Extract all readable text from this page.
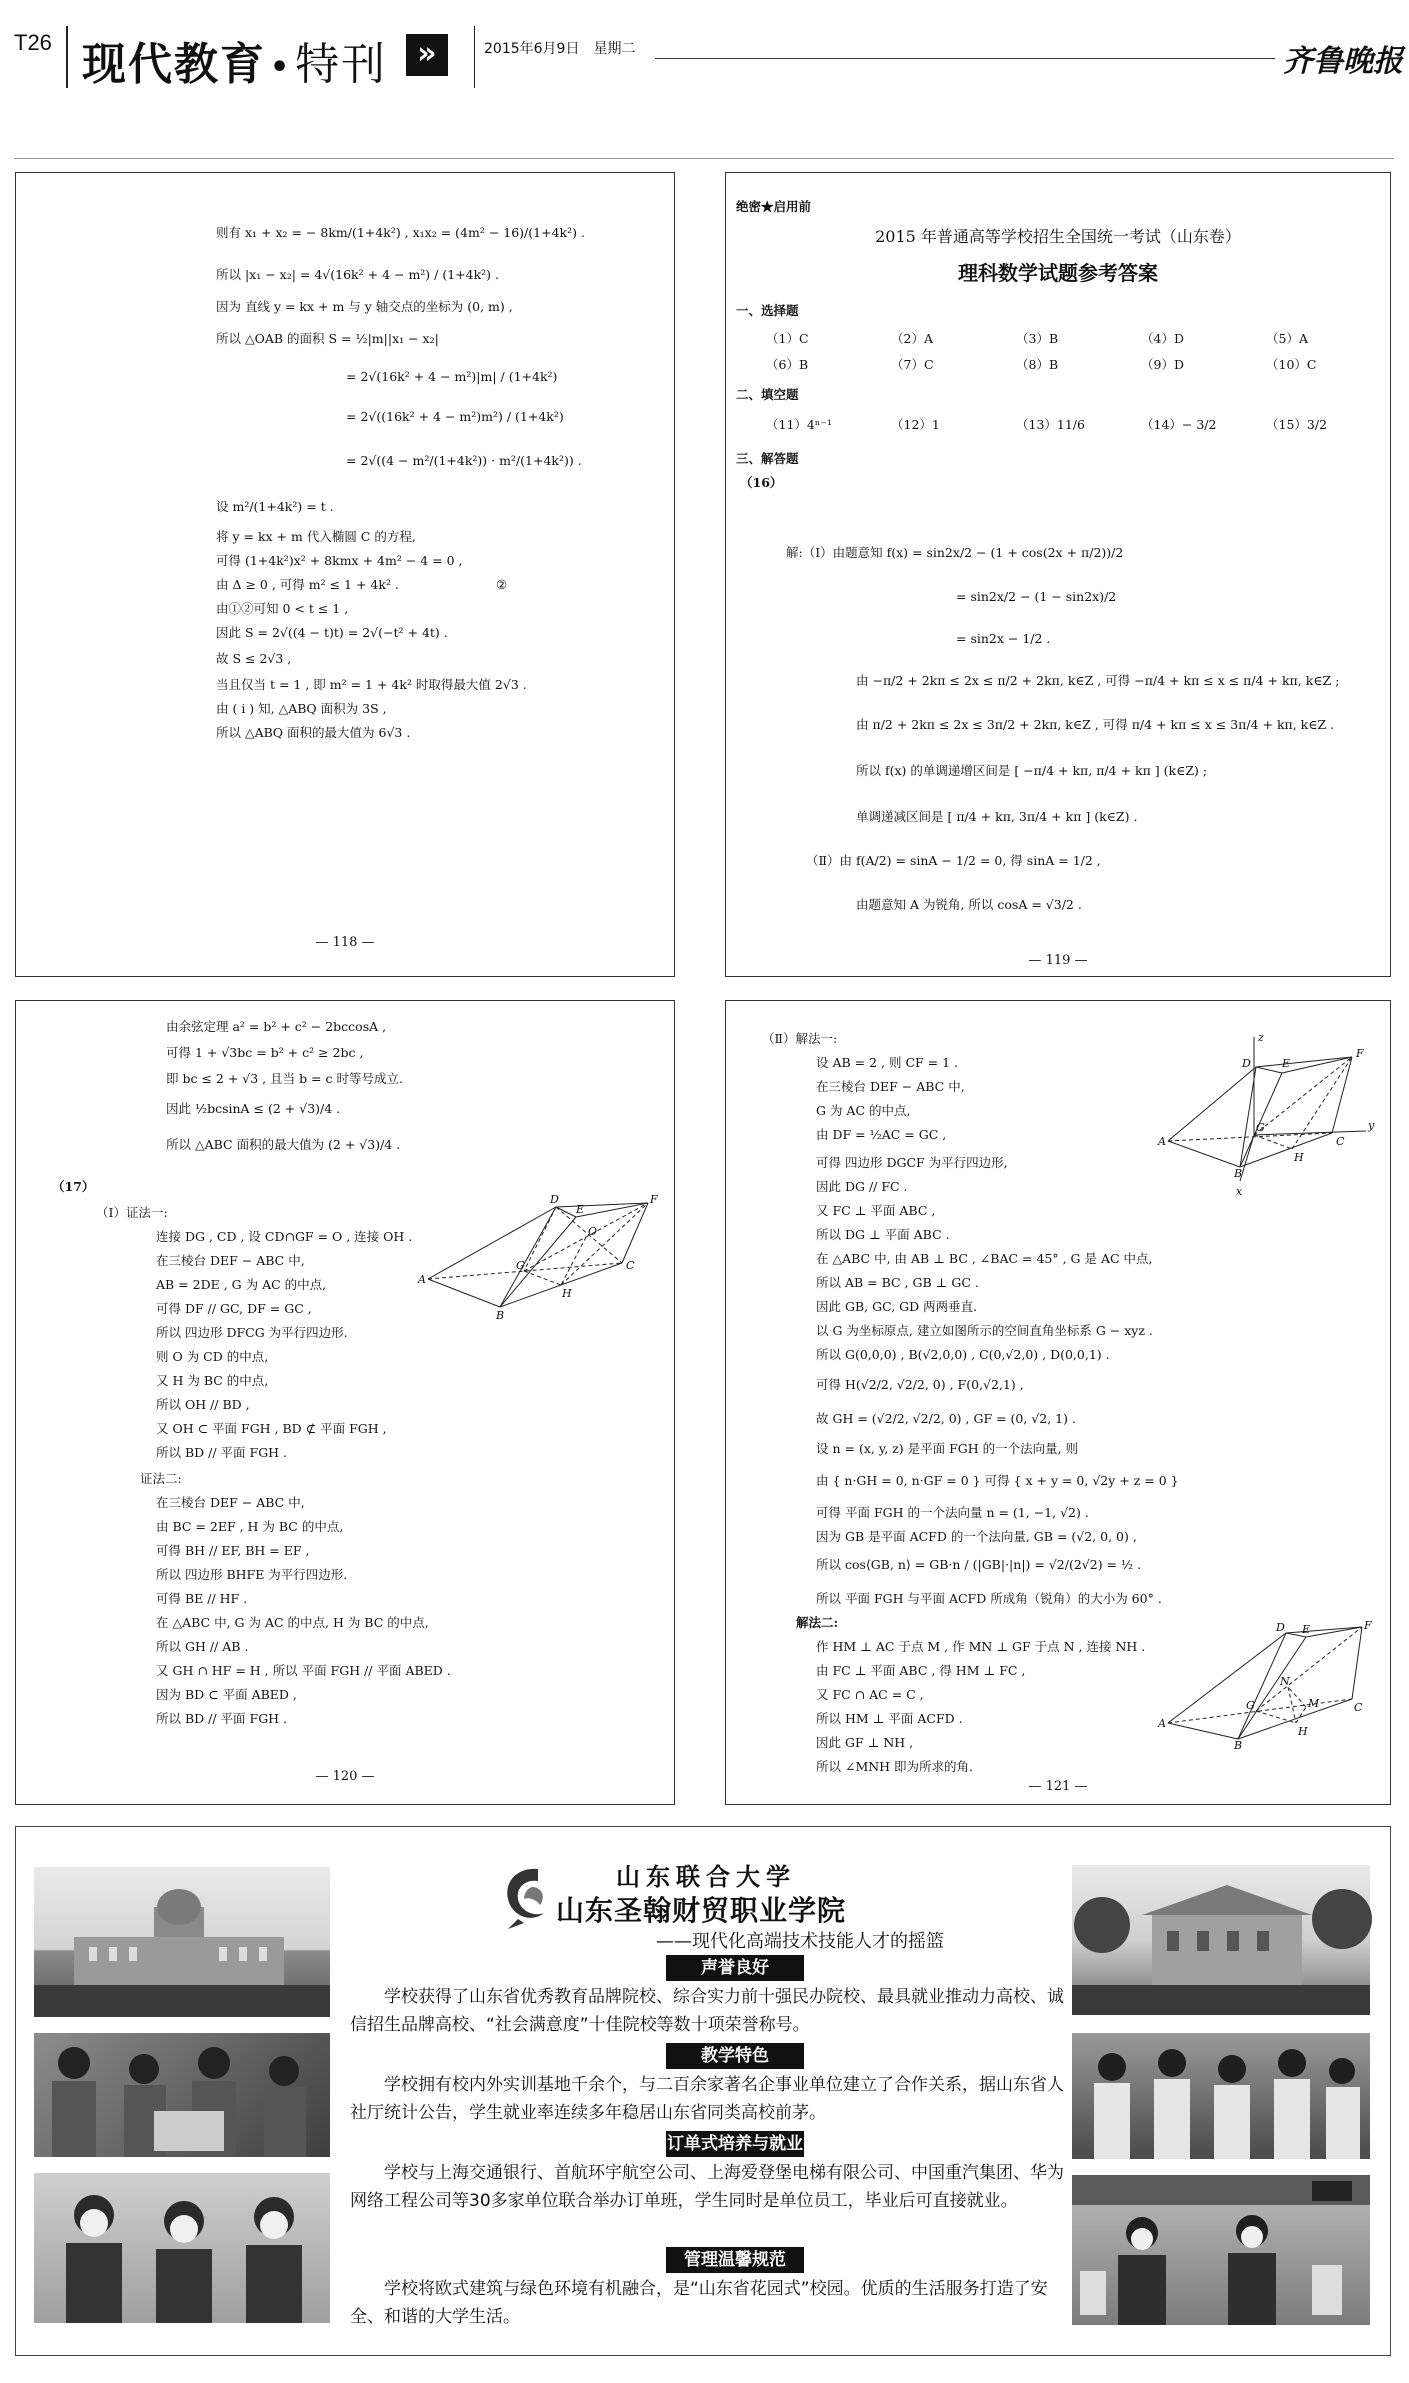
T26 现代教育 •特刊	»	2015年6月9日　星期二	齐鲁晚报
则有 x₁ + x₂ = − 8km/(1+4k²) , x₁x₂ = (4m² − 16)/(1+4k²) .
所以 |x₁ − x₂| = 4√(16k² + 4 − m²) / (1+4k²) .
因为 直线 y = kx + m 与 y 轴交点的坐标为 (0, m) ,
所以 △OAB 的面积 S = ½|m||x₁ − x₂|
= 2√(16k² + 4 − m²)|m| / (1+4k²)
= 2√((16k² + 4 − m²)m²) / (1+4k²)
= 2√((4 − m²/(1+4k²)) · m²/(1+4k²)) .
设 m²/(1+4k²) = t .
将 y = kx + m 代入椭圆 C 的方程,
可得 (1+4k²)x² + 8kmx + 4m² − 4 = 0 ,
由 Δ ≥ 0 , 可得 m² ≤ 1 + 4k² .	②
由①②可知 0 < t ≤ 1 ,
因此 S = 2√((4 − t)t) = 2√(−t² + 4t) .
故 S ≤ 2√3 ,
当且仅当 t = 1 , 即 m² = 1 + 4k² 时取得最大值 2√3 .
由 ( ⅰ ) 知, △ABQ 面积为 3S ,
所以 △ABQ 面积的最大值为 6√3 .
— 118 —
绝密★启用前
2015 年普通高等学校招生全国统一考试（山东卷）
理科数学试题参考答案
一、选择题
（1）C	（2）A	（3）B	（4）D	（5）A
（6）B	（7）C	（8）B	（9）D	（10）C
二、填空题
（11）4ⁿ⁻¹	（12）1	（13）11/6	（14）− 3/2	（15）3/2
三、解答题
（16）
解:（Ⅰ）由题意知 f(x) = sin2x/2 − (1 + cos(2x + π/2))/2
= sin2x/2 − (1 − sin2x)/2
= sin2x − 1/2 .
由 −π/2 + 2kπ ≤ 2x ≤ π/2 + 2kπ, k∈Z , 可得 −π/4 + kπ ≤ x ≤ π/4 + kπ, k∈Z ;
由 π/2 + 2kπ ≤ 2x ≤ 3π/2 + 2kπ, k∈Z , 可得 π/4 + kπ ≤ x ≤ 3π/4 + kπ, k∈Z .
所以 f(x) 的单调递增区间是 [ −π/4 + kπ, π/4 + kπ ] (k∈Z) ;
单调递减区间是 [ π/4 + kπ, 3π/4 + kπ ] (k∈Z) .
（Ⅱ）由 f(A/2) = sinA − 1/2 = 0, 得 sinA = 1/2 ,
由题意知 A 为锐角, 所以 cosA = √3/2 .
— 119 —
由余弦定理 a² = b² + c² − 2bccosA ,
可得 1 + √3bc = b² + c² ≥ 2bc ,
即 bc ≤ 2 + √3 , 且当 b = c 时等号成立.
因此 ½bcsinA ≤ (2 + √3)/4 .
所以 △ABC 面积的最大值为 (2 + √3)/4 .
（17）
（Ⅰ）证法一:
连接 DG , CD , 设 CD∩GF = O , 连接 OH .
在三棱台 DEF − ABC 中,
AB = 2DE , G 为 AC 的中点,
可得 DF // GC, DF = GC ,
所以 四边形 DFCG 为平行四边形.
则 O 为 CD 的中点,
又 H 为 BC 的中点,
所以 OH // BD ,
又 OH ⊂ 平面 FGH , BD ⊄ 平面 FGH ,
所以 BD // 平面 FGH .
证法二:
在三棱台 DEF − ABC 中,
由 BC = 2EF , H 为 BC 的中点,
可得 BH // EF, BH = EF ,
所以 四边形 BHFE 为平行四边形.
可得 BE // HF .
在 △ABC 中, G 为 AC 的中点, H 为 BC 的中点,
所以 GH // AB .
又 GH ∩ HF = H , 所以 平面 FGH // 平面 ABED .
因为 BD ⊂ 平面 ABED ,
所以 BD // 平面 FGH .
D
E
F
O
A
G	C
B
H
— 120 —
（Ⅱ）解法一:
设 AB = 2 , 则 CF = 1 .
在三棱台 DEF − ABC 中,
G 为 AC 的中点,
由 DF = ½AC = GC ,
可得 四边形 DGCF 为平行四边形,
因此 DG // FC .
又 FC ⊥ 平面 ABC ,
所以 DG ⊥ 平面 ABC .
在 △ABC 中, 由 AB ⊥ BC , ∠BAC = 45° , G 是 AC 中点,
所以 AB = BC , GB ⊥ GC .
因此 GB, GC, GD 两两垂直.
以 G 为坐标原点, 建立如图所示的空间直角坐标系 G − xyz .
所以 G(0,0,0) , B(√2,0,0) , C(0,√2,0) , D(0,0,1) .
可得 H(√2/2, √2/2, 0) , F(0,√2,1) ,
故 GH = (√2/2, √2/2, 0) , GF = (0, √2, 1) .
设 n = (x, y, z) 是平面 FGH 的一个法向量, 则
由 { n·GH = 0, n·GF = 0 } 可得 { x + y = 0, √2y + z = 0 }
可得 平面 FGH 的一个法向量 n = (1, −1, √2) .
因为 GB 是平面 ACFD 的一个法向量, GB = (√2, 0, 0) ,
所以 cos⟨GB, n⟩ = GB·n / (|GB|·|n|) = √2/(2√2) = ½ .
所以 平面 FGH 与平面 ACFD 所成角（锐角）的大小为 60° .
解法二:
作 HM ⊥ AC 于点 M , 作 MN ⊥ GF 于点 N , 连接 NH .
由 FC ⊥ 平面 ABC , 得 HM ⊥ FC ,
又 FC ∩ AC = C ,
所以 HM ⊥ 平面 ACFD .
因此 GF ⊥ NH ,
所以 ∠MNH 即为所求的角.
z
D	E
F
G	y
A	C
H
B
x
E	F
D
N
G	M
A
C
H
B
— 121 —
山东联合大学
山东圣翰财贸职业学院
——现代化高端技术技能人才的摇篮
声誉良好
学校获得了山东省优秀教育品牌院校、综合实力前十强民办院校、最具就业推动力高校、诚信招生品牌高校、“社会满意度”十佳院校等数十项荣誉称号。
教学特色
学校拥有校内外实训基地千余个，与二百余家著名企事业单位建立了合作关系，据山东省人社厅统计公告，学生就业率连续多年稳居山东省同类高校前茅。
订单式培养与就业
学校与上海交通银行、首航环宇航空公司、上海爱登堡电梯有限公司、中国重汽集团、华为网络工程公司等30多家单位联合举办订单班，学生同时是单位员工，毕业后可直接就业。
管理温馨规范
学校将欧式建筑与绿色环境有机融合，是“山东省花园式”校园。优质的生活服务打造了安全、和谐的大学生活。
